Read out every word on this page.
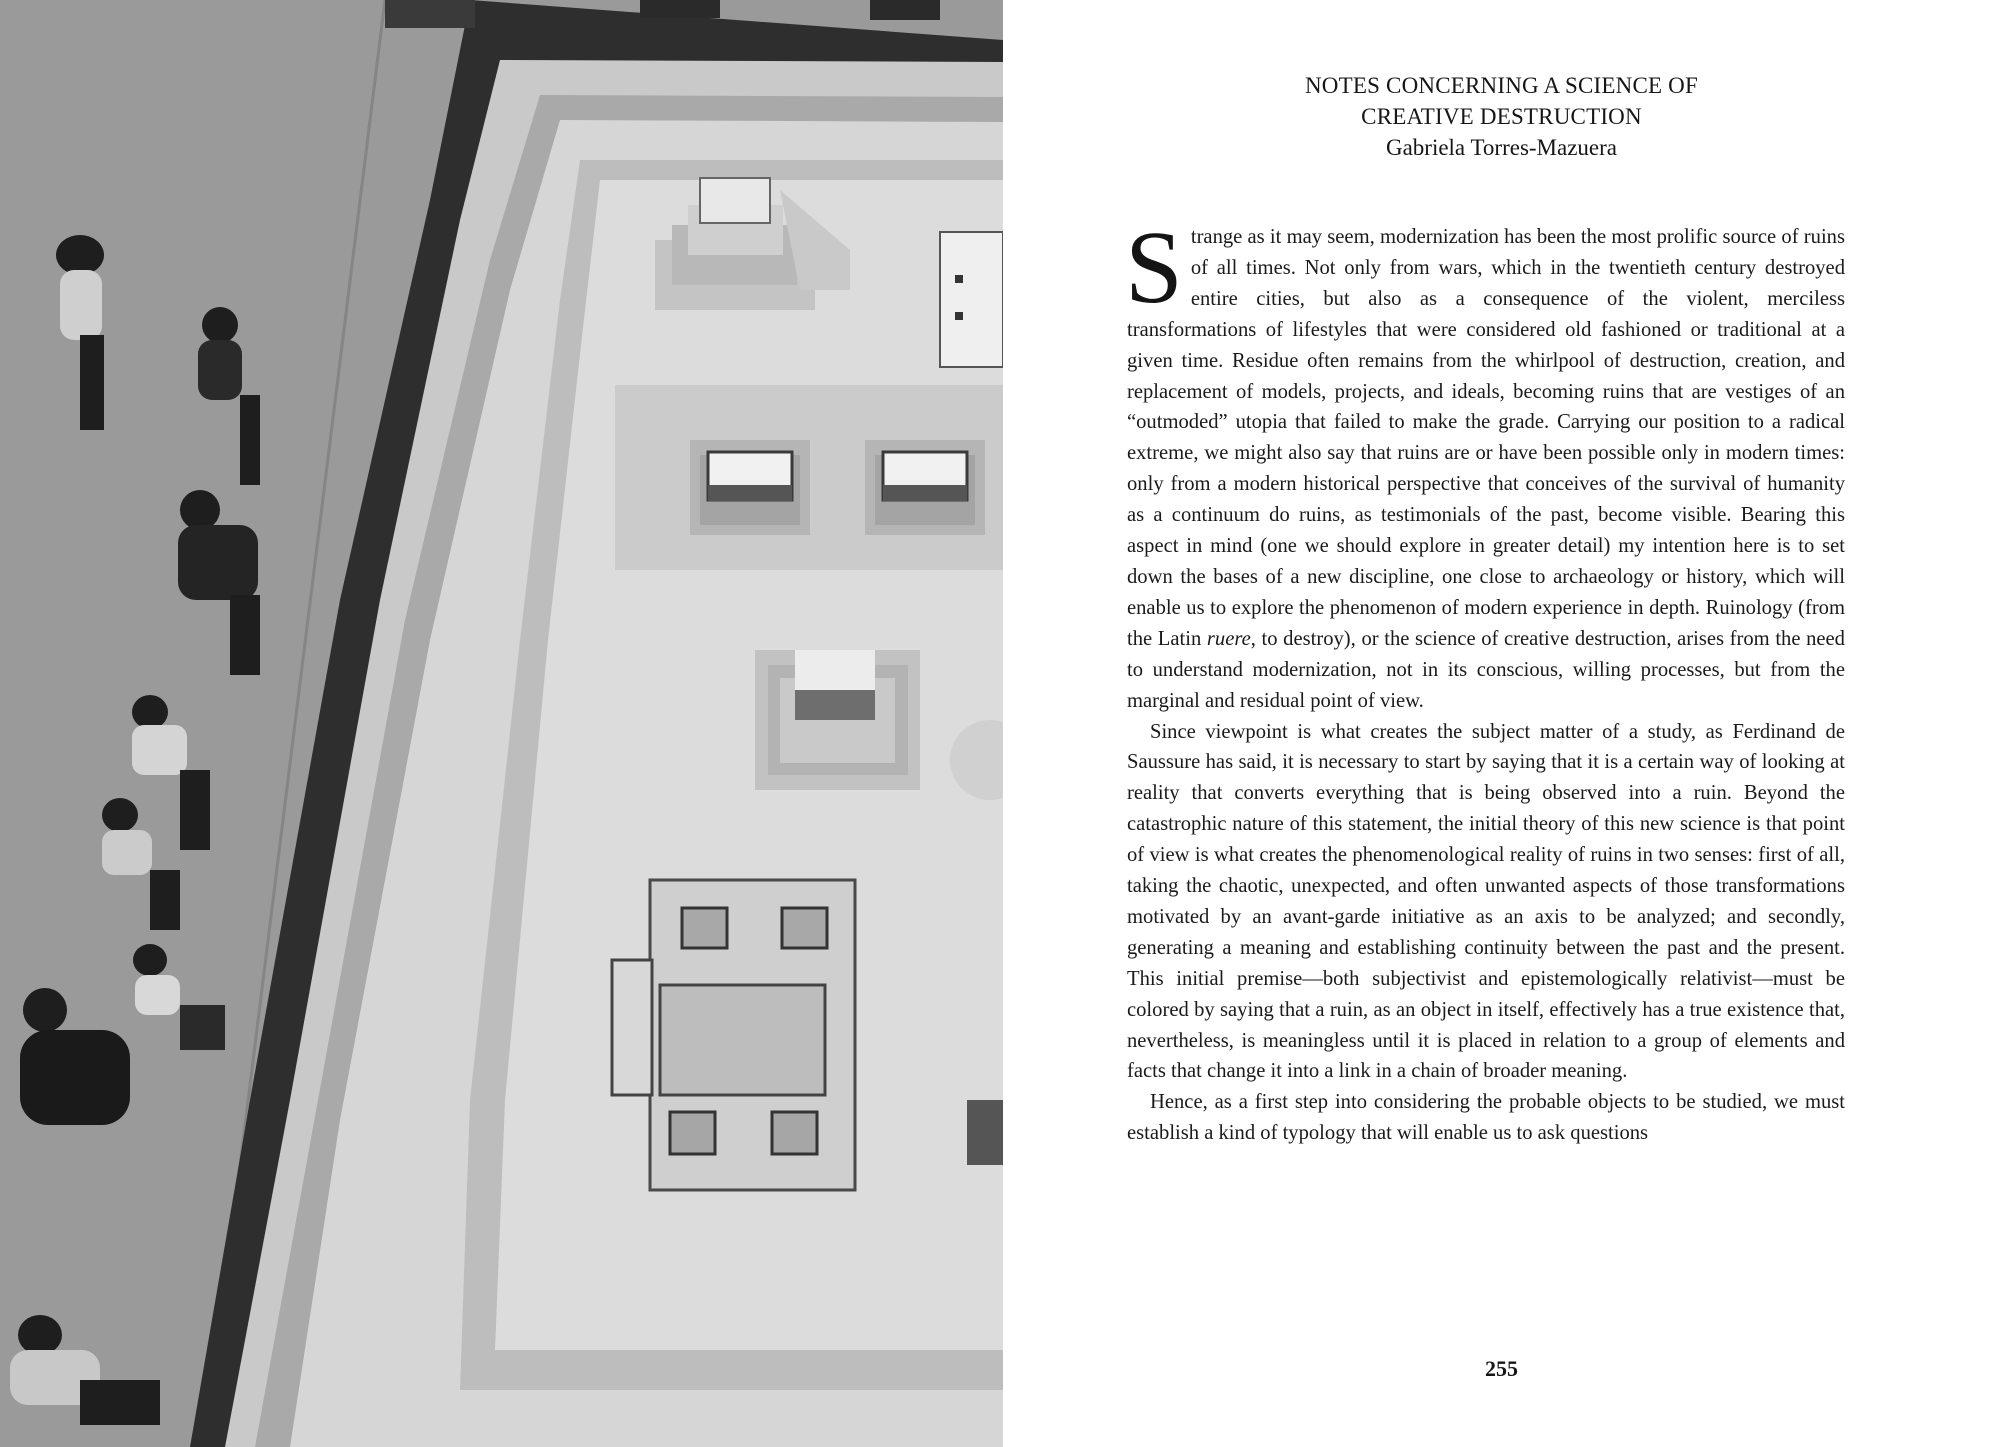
NOTES CONCERNING A SCIENCE OF
CREATIVE DESTRUCTION
Gabriela Torres-Mazuera

Strange as it may seem, modernization has been the most prolific source of ruins of all times. Not only from wars, which in the twentieth century destroyed entire cities, but also as a consequence of the violent, merciless transformations of lifestyles that were considered old fashioned or traditional at a given time. Residue often remains from the whirlpool of destruction, creation, and replacement of models, projects, and ideals, becoming ruins that are vestiges of an “outmoded” utopia that failed to make the grade. Carrying our position to a radical extreme, we might also say that ruins are or have been possible only in modern times: only from a modern historical perspective that conceives of the survival of humanity as a continuum do ruins, as testimonials of the past, become visible. Bearing this aspect in mind (one we should explore in greater detail) my intention here is to set down the bases of a new discipline, one close to archaeology or history, which will enable us to explore the phenomenon of modern experience in depth. Ruinology (from the Latin ruere, to destroy), or the science of creative destruction, arises from the need to understand modernization, not in its conscious, willing processes, but from the marginal and residual point of view.

Since viewpoint is what creates the subject matter of a study, as Ferdinand de Saussure has said, it is necessary to start by saying that it is a certain way of looking at reality that converts everything that is being observed into a ruin. Beyond the catastrophic nature of this statement, the initial theory of this new science is that point of view is what creates the phenomenological reality of ruins in two senses: first of all, taking the chaotic, unexpected, and often unwanted aspects of those transformations motivated by an avant-garde initiative as an axis to be analyzed; and secondly, generating a meaning and establishing continuity between the past and the present. This initial premise—both subjectivist and epistemologically relativist—must be colored by saying that a ruin, as an object in itself, effectively has a true existence that, nevertheless, is meaningless until it is placed in relation to a group of elements and facts that change it into a link in a chain of broader meaning.

Hence, as a first step into considering the probable objects to be studied, we must establish a kind of typology that will enable us to ask questions

255
